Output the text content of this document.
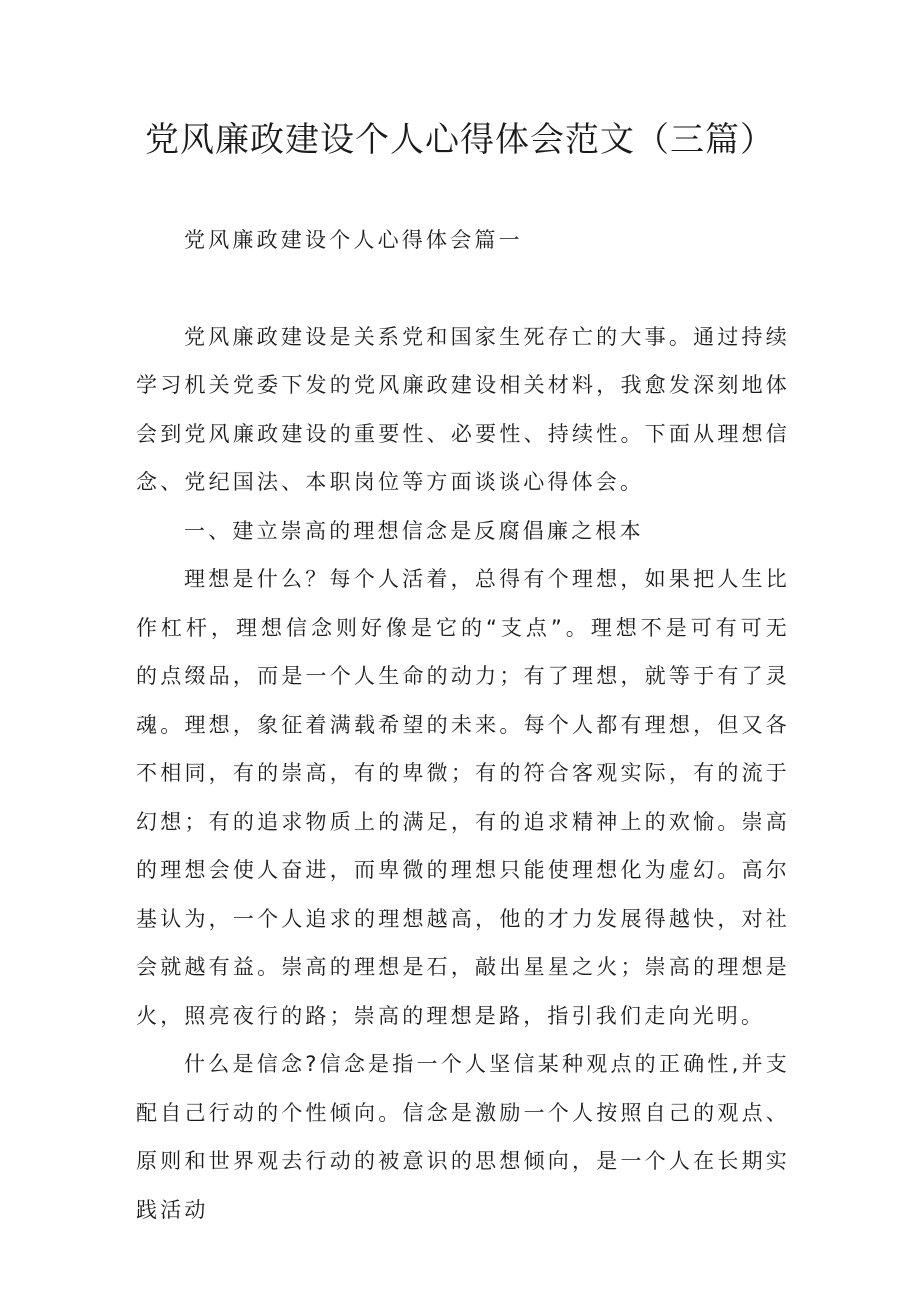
党风廉政建设个人心得体会范文（三篇）
党风廉政建设个人心得体会篇一

党风廉政建设是关系党和国家生死存亡的大事。通过持续学习机关党委下发的党风廉政建设相关材料，我愈发深刻地体会到党风廉政建设的重要性、必要性、持续性。下面从理想信念、党纪国法、本职岗位等方面谈谈心得体会。

一、建立崇高的理想信念是反腐倡廉之根本

理想是什么？每个人活着，总得有个理想，如果把人生比作杠杆，理想信念则好像是它的“支点”。理想不是可有可无的点缀品，而是一个人生命的动力；有了理想，就等于有了灵魂。理想，象征着满载希望的未来。每个人都有理想，但又各不相同，有的崇高，有的卑微；有的符合客观实际，有的流于幻想；有的追求物质上的满足，有的追求精神上的欢愉。崇高的理想会使人奋进，而卑微的理想只能使理想化为虚幻。高尔基认为，一个人追求的理想越高，他的才力发展得越快，对社会就越有益。崇高的理想是石，敲出星星之火；崇高的理想是火，照亮夜行的路；崇高的理想是路，指引我们走向光明。

什么是信念?信念是指一个人坚信某种观点的正确性,并支配自己行动的个性倾向。信念是激励一个人按照自己的观点、原则和世界观去行动的被意识的思想倾向，是一个人在长期实践活动
